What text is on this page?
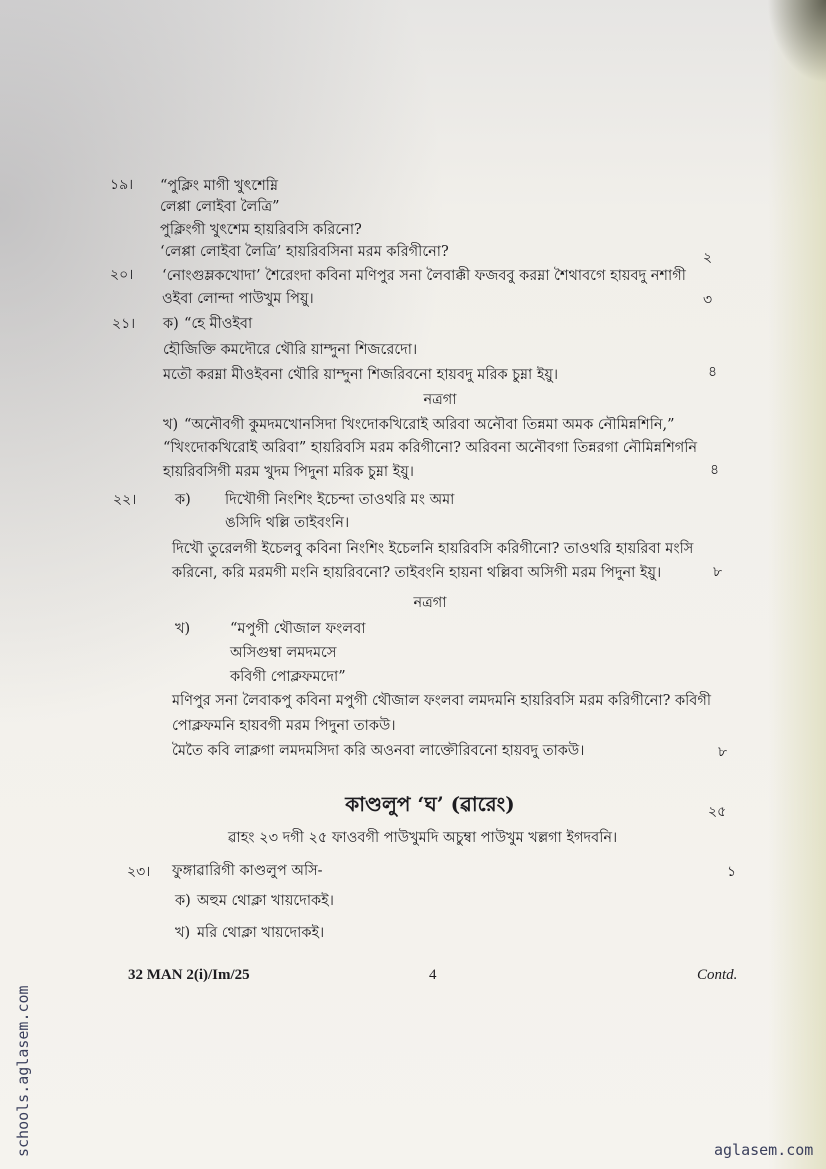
১৯। “পুক্লিং মাগী খুৎশেম্নি
লেপ্পা লোইবা লৈত্রি”
পুক্লিংগী খুৎশেম হায়রিবসি করিনো?
‘লেপ্পা লোইবা লৈত্রি’ হায়রিবসিনা মরম করিগীনো?	২
২০। ‘নোংগুম্লকখোদা’ শৈরেংদা কবিনা মণিপুর সনা লৈবাক্কী ফজববু করম্না শৈথাবগে হায়বদু নশাগী
ওইবা লোন্দা পাউখুম পিয়ু।	৩
২১। ক) “হে মীওইবা
হৌজিক্তি কমদৌরে থৌরি য়াম্দুনা শিজরেদো।
মতৌ করম্না মীওইবনা থৌরি য়াম্দুনা শিজরিবনো হায়বদু মরিক চুম্না ইয়ু।	৪
নত্রগা
খ) “অনৌবগী কুমদমখোনসিদা খিংদোকখিরোই অরিবা অনৌবা তিন্নমা অমক নৌমিন্নশিনি,”
“খিংদোকখিরোই অরিবা” হায়রিবসি মরম করিগীনো? অরিবনা অনৌবগা তিন্নরগা নৌমিন্নশিগনি
হায়রিবসিগী মরম খুদম পিদুনা মরিক চুম্না ইয়ু।	৪
২২।	ক) দিখৌগী নিংশিং ইচেন্দা তাওথরি মং অমা
ঙসিদি থল্লি তাইবংনি।
দিখৌ তুরেলগী ইচেলবু কবিনা নিংশিং ইচেলনি হায়রিবসি করিগীনো? তাওথরি হায়রিবা মংসি
করিনো, করি মরমগী মংনি হায়রিবনো? তাইবংনি হায়না থল্লিবা অসিগী মরম পিদুনা ইয়ু।	৮
নত্রগা
খ)	“মপুগী থৌজাল ফংলবা
অসিগুম্বা লমদমসে
কবিগী পোক্লফমদো”
মণিপুর সনা লৈবাকপু কবিনা মপুগী থৌজাল ফংলবা লমদমনি হায়রিবসি মরম করিগীনো? কবিগী
পোক্লফমনি হায়বগী মরম পিদুনা তাকউ।
মৈতৈ কবি লাক্লগা লমদমসিদা করি অওনবা লাক্তৌরিবনো হায়বদু তাকউ।	৮
কাণ্ডলুপ ‘ঘ’ (ৱারেং)	২৫
ৱাহং ২৩ দগী ২৫ ফাওবগী পাউখুমদি অচুম্বা পাউখুম খল্লগা ইগদবনি।
২৩। ফুঙ্গাৱারিগী কাণ্ডলুপ অসি-	১
ক) অহুম থোক্লা খায়দোকই।
খ) মরি থোক্লা খায়দোকই।
32 MAN 2(i)/Im/25	4	Contd.
schools.aglasem.com	aglasem.com
